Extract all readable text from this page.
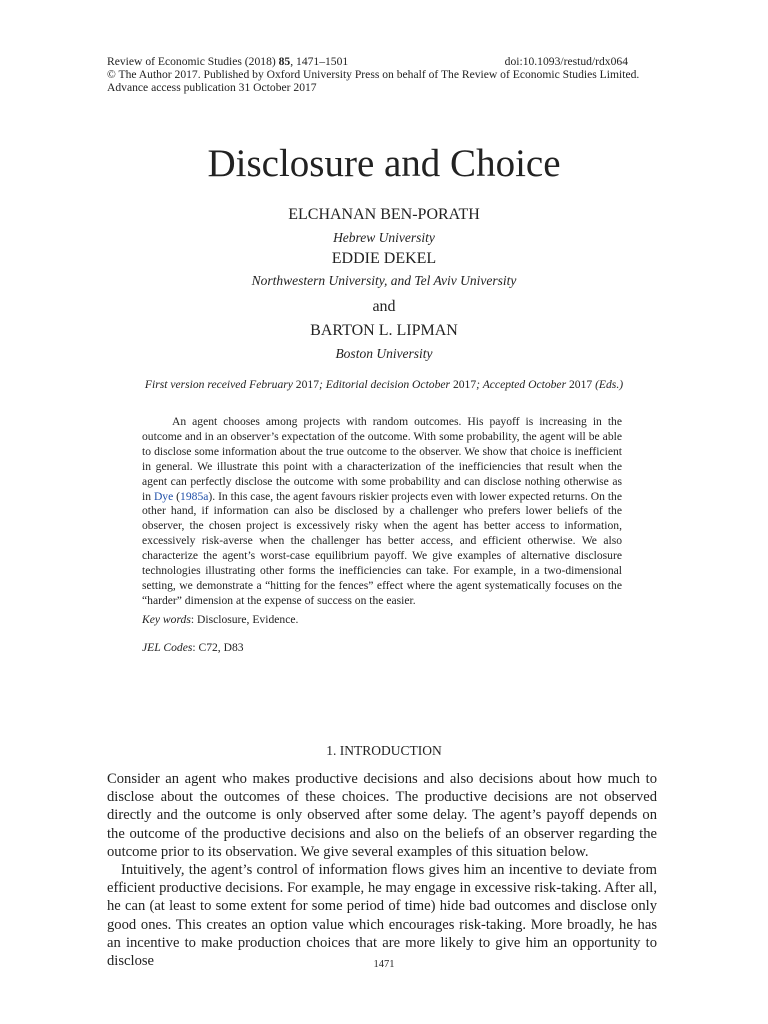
Review of Economic Studies (2018) 85, 1471–1501	doi:10.1093/restud/rdx064
© The Author 2017. Published by Oxford University Press on behalf of The Review of Economic Studies Limited.
Advance access publication 31 October 2017
Disclosure and Choice
ELCHANAN BEN-PORATH
Hebrew University
EDDIE DEKEL
Northwestern University, and Tel Aviv University
and
BARTON L. LIPMAN
Boston University
First version received February 2017; Editorial decision October 2017; Accepted October 2017 (Eds.)

An agent chooses among projects with random outcomes. His payoff is increasing in the outcome and in an observer’s expectation of the outcome. With some probability, the agent will be able to disclose some information about the true outcome to the observer. We show that choice is inefficient in general. We illustrate this point with a characterization of the inefficiencies that result when the agent can perfectly disclose the outcome with some probability and can disclose nothing otherwise as in Dye (1985a). In this case, the agent favours riskier projects even with lower expected returns. On the other hand, if information can also be disclosed by a challenger who prefers lower beliefs of the observer, the chosen project is excessively risky when the agent has better access to information, excessively risk-averse when the challenger has better access, and efficient otherwise. We also characterize the agent’s worst-case equilibrium payoff. We give examples of alternative disclosure technologies illustrating other forms the inefficiencies can take. For example, in a two-dimensional setting, we demonstrate a “hitting for the fences” effect where the agent systematically focuses on the “harder” dimension at the expense of success on the easier.

Key words: Disclosure, Evidence.
JEL Codes: C72, D83
1. INTRODUCTION

Consider an agent who makes productive decisions and also decisions about how much to disclose about the outcomes of these choices. The productive decisions are not observed directly and the outcome is only observed after some delay. The agent’s payoff depends on the outcome of the productive decisions and also on the beliefs of an observer regarding the outcome prior to its observation. We give several examples of this situation below.

Intuitively, the agent’s control of information flows gives him an incentive to deviate from efficient productive decisions. For example, he may engage in excessive risk-taking. After all, he can (at least to some extent for some period of time) hide bad outcomes and disclose only good ones. This creates an option value which encourages risk-taking. More broadly, he has an incentive to make production choices that are more likely to give him an opportunity to disclose	1471
